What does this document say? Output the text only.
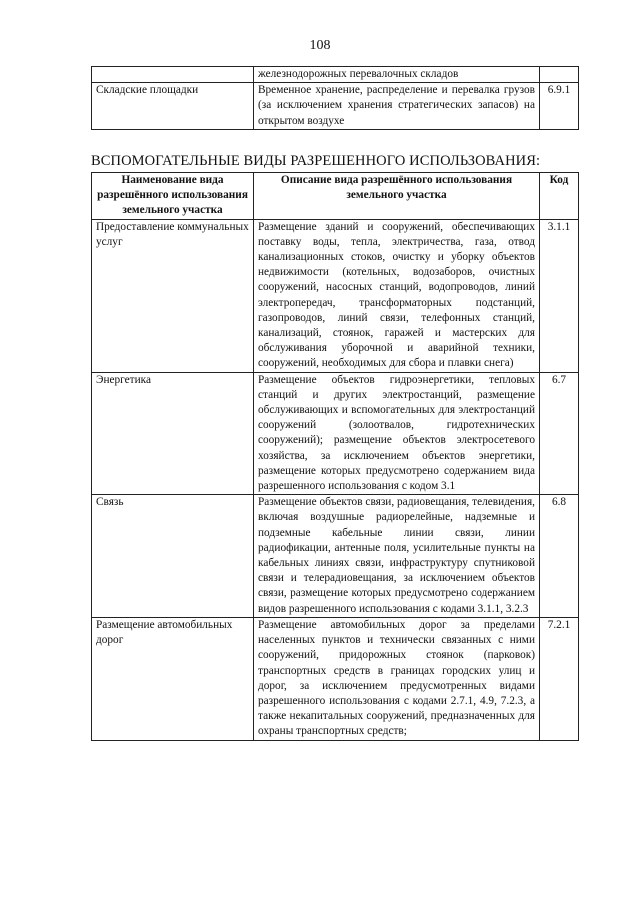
108
	железнодорожных перевалочных складов	
Складские площадки	Временное хранение, распределение и перевалка грузов (за исключением хранения стратегических запасов) на открытом воздухе	6.9.1
ВСПОМОГАТЕЛЬНЫЕ ВИДЫ РАЗРЕШЕННОГО ИСПОЛЬЗОВАНИЯ:
Наименование вида разрешённого использования земельного участка	Описание вида разрешённого использования земельного участка	Код
Предоставление коммунальных услуг	Размещение зданий и сооружений, обеспечивающих поставку воды, тепла, электричества, газа, отвод канализационных стоков, очистку и уборку объектов недвижимости (котельных, водозаборов, очистных сооружений, насосных станций, водопроводов, линий электропередач, трансформаторных подстанций, газопроводов, линий связи, телефонных станций, канализаций, стоянок, гаражей и мастерских для обслуживания уборочной и аварийной техники, сооружений, необходимых для сбора и плавки снега)	3.1.1
Энергетика	Размещение объектов гидроэнергетики, тепловых станций и других электростанций, размещение обслуживающих и вспомогательных для электростанций сооружений (золоотвалов, гидротехнических сооружений); размещение объектов электросетевого хозяйства, за исключением объектов энергетики, размещение которых предусмотрено содержанием вида разрешенного использования с кодом 3.1	6.7
Связь	Размещение объектов связи, радиовещания, телевидения, включая воздушные радиорелейные, надземные и подземные кабельные линии связи, линии радиофикации, антенные поля, усилительные пункты на кабельных линиях связи, инфраструктуру спутниковой связи и телерадиовещания, за исключением объектов связи, размещение которых предусмотрено содержанием видов разрешенного использования с кодами 3.1.1, 3.2.3	6.8
Размещение автомобильных дорог	Размещение автомобильных дорог за пределами населенных пунктов и технически связанных с ними сооружений, придорожных стоянок (парковок) транспортных средств в границах городских улиц и дорог, за исключением предусмотренных видами разрешенного использования с кодами 2.7.1, 4.9, 7.2.3, а также некапитальных сооружений, предназначенных для охраны транспортных средств;	7.2.1
